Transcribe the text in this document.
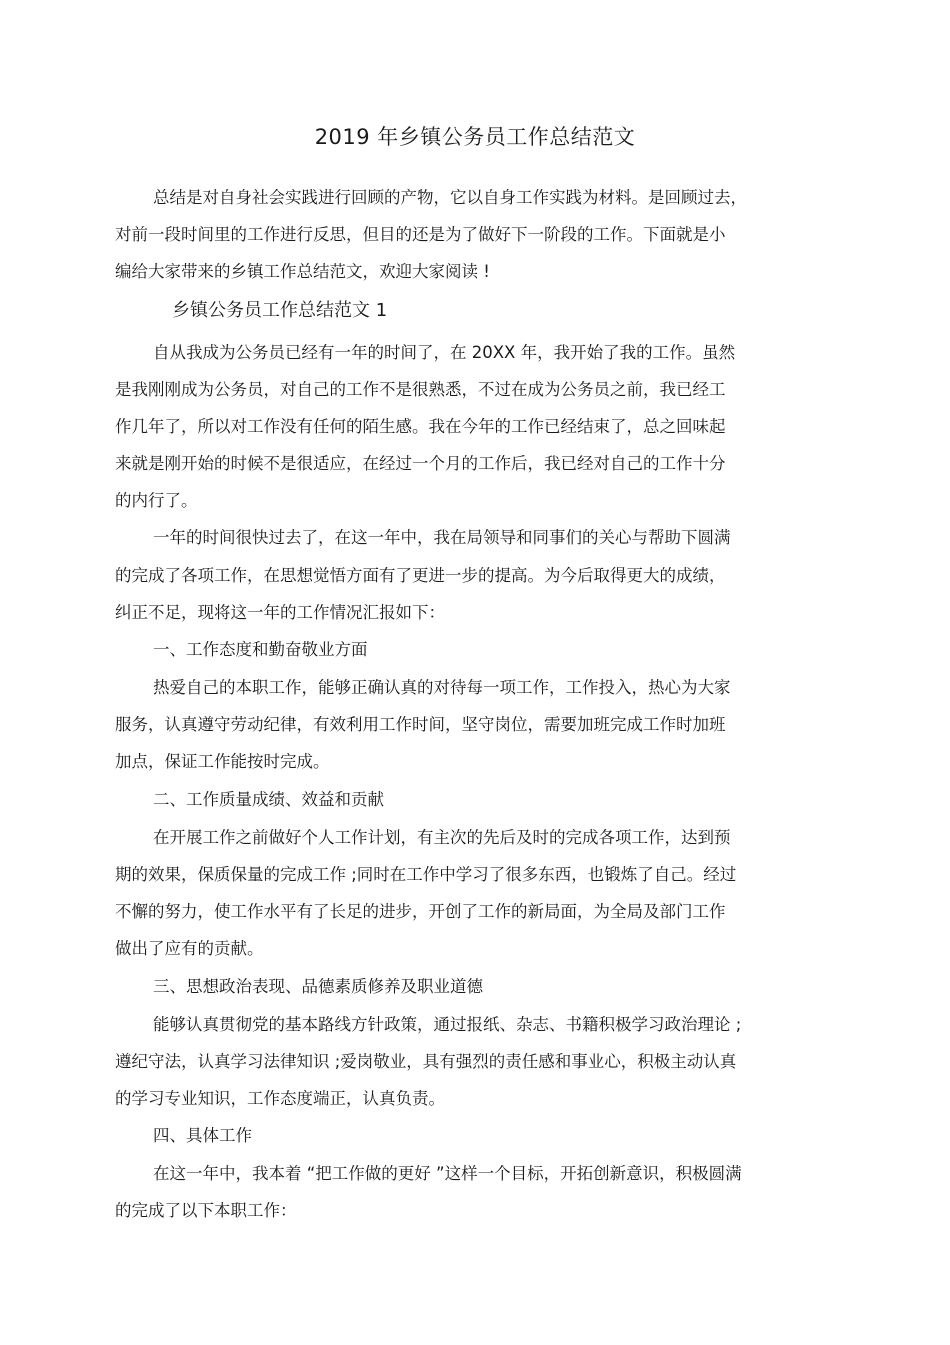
2019 年乡镇公务员工作总结范文
总结是对自身社会实践进行回顾的产物，它以自身工作实践为材料。是回顾过去，
对前一段时间里的工作进行反思，但目的还是为了做好下一阶段的工作。下面就是小
编给大家带来的乡镇工作总结范文，欢迎大家阅读 !
乡镇公务员工作总结范文 1
自从我成为公务员已经有一年的时间了，在 20XX 年，我开始了我的工作。虽然
是我刚刚成为公务员，对自己的工作不是很熟悉，不过在成为公务员之前，我已经工
作几年了，所以对工作没有任何的陌生感。我在今年的工作已经结束了，总之回味起
来就是刚开始的时候不是很适应，在经过一个月的工作后，我已经对自己的工作十分
的内行了。
一年的时间很快过去了，在这一年中，我在局领导和同事们的关心与帮助下圆满
的完成了各项工作，在思想觉悟方面有了更进一步的提高。为今后取得更大的成绩，
纠正不足，现将这一年的工作情况汇报如下：
一、工作态度和勤奋敬业方面
热爱自己的本职工作，能够正确认真的对待每一项工作，工作投入，热心为大家
服务，认真遵守劳动纪律，有效利用工作时间，坚守岗位，需要加班完成工作时加班
加点，保证工作能按时完成。
二、工作质量成绩、效益和贡献
在开展工作之前做好个人工作计划，有主次的先后及时的完成各项工作，达到预
期的效果，保质保量的完成工作 ;同时在工作中学习了很多东西，也锻炼了自己。经过
不懈的努力，使工作水平有了长足的进步，开创了工作的新局面，为全局及部门工作
做出了应有的贡献。
三、思想政治表现、品德素质修养及职业道德
能够认真贯彻党的基本路线方针政策，通过报纸、杂志、书籍积极学习政治理论 ;
遵纪守法，认真学习法律知识 ;爱岗敬业，具有强烈的责任感和事业心，积极主动认真
的学习专业知识，工作态度端正，认真负责。
四、具体工作
在这一年中，我本着 “把工作做的更好 ”这样一个目标，开拓创新意识，积极圆满
的完成了以下本职工作：
